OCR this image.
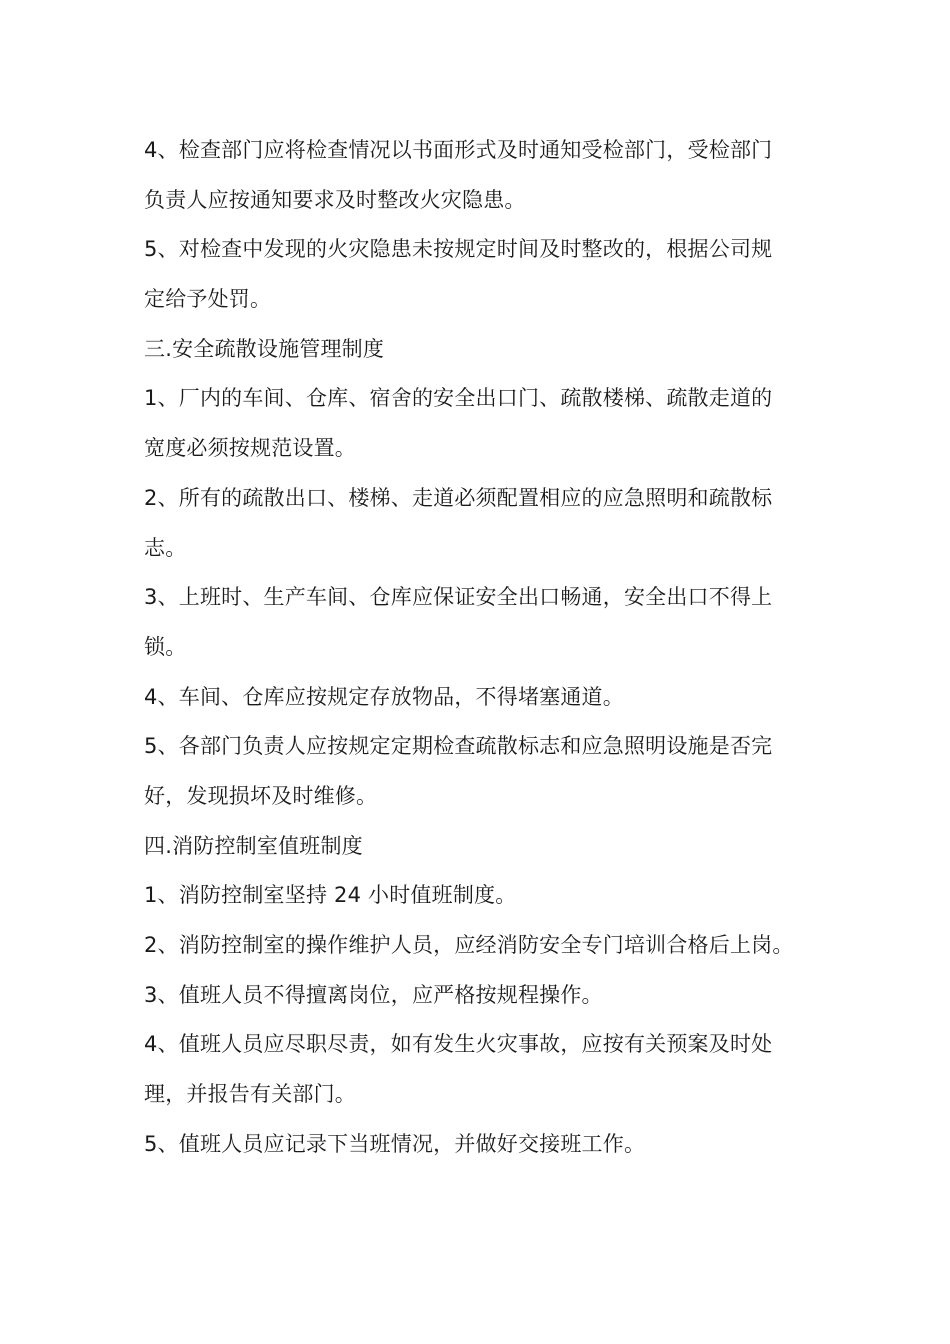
4、检查部门应将检查情况以书面形式及时通知受检部门，受检部门
负责人应按通知要求及时整改火灾隐患。
5、对检查中发现的火灾隐患未按规定时间及时整改的，根据公司规
定给予处罚。
三.安全疏散设施管理制度
1、厂内的车间、仓库、宿舍的安全出口门、疏散楼梯、疏散走道的
宽度必须按规范设置。
2、所有的疏散出口、楼梯、走道必须配置相应的应急照明和疏散标
志。
3、上班时、生产车间、仓库应保证安全出口畅通，安全出口不得上
锁。
4、车间、仓库应按规定存放物品，不得堵塞通道。
5、各部门负责人应按规定定期检查疏散标志和应急照明设施是否完
好，发现损坏及时维修。
四.消防控制室值班制度
1、消防控制室坚持 24 小时值班制度。
2、消防控制室的操作维护人员，应经消防安全专门培训合格后上岗。
3、值班人员不得擅离岗位，应严格按规程操作。
4、值班人员应尽职尽责，如有发生火灾事故，应按有关预案及时处
理，并报告有关部门。
5、值班人员应记录下当班情况，并做好交接班工作。
